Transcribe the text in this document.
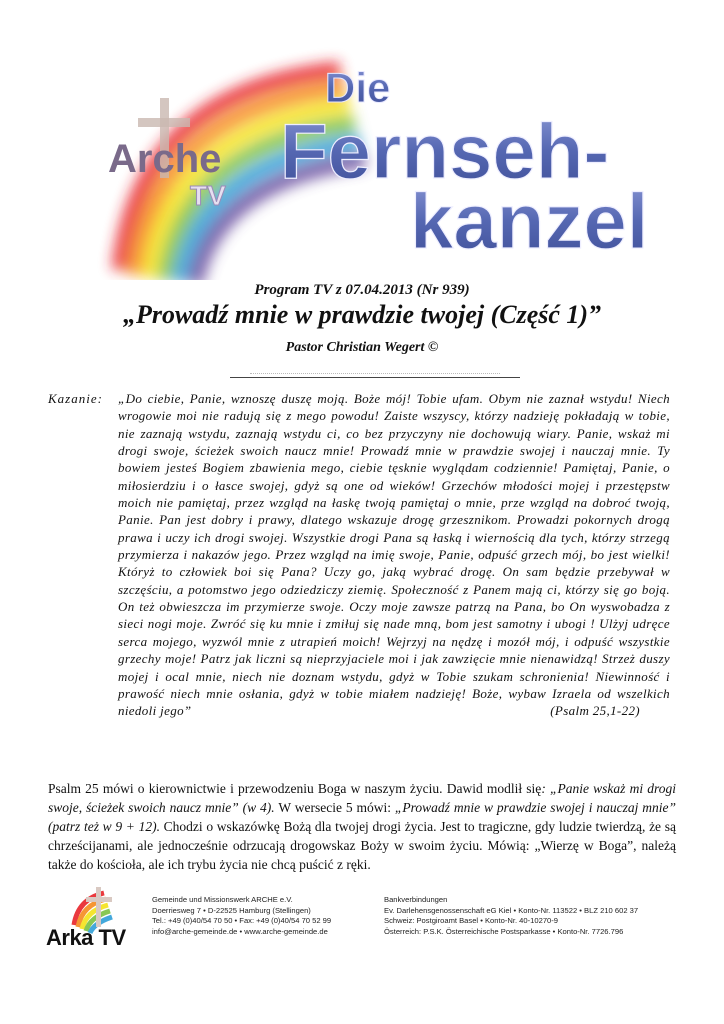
Arche
TV
Die
Fernseh-
kanzel
Program TV z 07.04.2013 (Nr 939)
„Prowadź mnie w prawdzie twojej (Część 1)”
Pastor Christian Wegert ©
Kazanie:	„Do ciebie, Panie, wznoszę duszę moją. Boże mój! Tobie ufam. Obym nie zaznał wstydu! Niech wrogowie moi nie radują się z mego powodu! Zaiste wszyscy, którzy nadzieję pokładają w tobie, nie zaznają wstydu, zaznają wstydu ci, co bez przyczyny nie dochowują wiary. Panie, wskaż mi drogi swoje, ścieżek swoich naucz mnie! Prowadź mnie w prawdzie swojej i nauczaj mnie. Ty bowiem jesteś Bogiem zbawienia mego, ciebie tęsknie wyglądam codziennie! Pamiętaj, Panie, o miłosierdziu i o łasce swojej, gdyż są one od wieków! Grzechów młodości mojej i przestępstw moich nie pamiętaj, przez wzgląd na łaskę twoją pamiętaj o mnie, prze wzgląd na dobroć twoją, Panie. Pan jest dobry i prawy, dlatego wskazuje drogę grzesznikom. Prowadzi pokornych drogą prawa i uczy ich drogi swojej. Wszystkie drogi Pana są łaską i wiernością dla tych, którzy strzegą przymierza i nakazów jego. Przez wzgląd na imię swoje, Panie, odpuść grzech mój, bo jest wielki! Któryż to człowiek boi się Pana? Uczy go, jaką wybrać drogę. On sam będzie przebywał w szczęściu, a potomstwo jego odziedziczy ziemię. Społeczność z Panem mają ci, którzy się go boją. On też obwieszcza im przymierze swoje. Oczy moje zawsze patrzą na Pana, bo On wyswobadza z sieci nogi moje. Zwróć się ku mnie i zmiłuj się nade mną, bom jest samotny i ubogi ! Ulżyj udręce serca mojego, wyzwól mnie z utrapień moich! Wejrzyj na nędzę i mozół mój, i odpuść wszystkie grzechy moje! Patrz jak liczni są nieprzyjaciele moi i jak zawzięcie mnie nienawidzą! Strzeż duszy mojej i ocal mnie, niech nie doznam wstydu, gdyż w Tobie szukam schronienia! Niewinność i prawość niech mnie osłania, gdyż w tobie miałem nadzieję! Boże, wybaw Izraela od wszelkich niedoli jego”	(Psalm 25,1-22)
Psalm 25 mówi o kierownictwie i przewodzeniu Boga w naszym życiu. Dawid modlił się: „Panie wskaż mi drogi swoje, ścieżek swoich naucz mnie” (w 4). W wersecie 5 mówi: „Prowadź mnie w prawdzie swojej i nauczaj mnie” (patrz też w 9 + 12). Chodzi o wskazówkę Bożą dla twojej drogi życia. Jest to tragiczne, gdy ludzie twierdzą, że są chrześcijanami, ale jednocześnie odrzucają drogowskaz Boży w swoim życiu. Mówią: „Wierzę w Boga”, należą także do kościoła, ale ich trybu życia nie chcą puścić z ręki.
Arka TV
Gemeinde und Missionswerk ARCHE e.V.
Doerriesweg 7 • D-22525 Hamburg (Stellingen)
Tel.: +49 (0)40/54 70 50 • Fax: +49 (0)40/54 70 52 99
info@arche-gemeinde.de • www.arche-gemeinde.de
Bankverbindungen
Ev. Darlehensgenossenschaft eG Kiel • Konto-Nr. 113522 • BLZ 210 602 37
Schweiz: Postgiroamt Basel • Konto-Nr. 40-10270-9
Österreich: P.S.K. Österreichische Postsparkasse • Konto-Nr. 7726.796
